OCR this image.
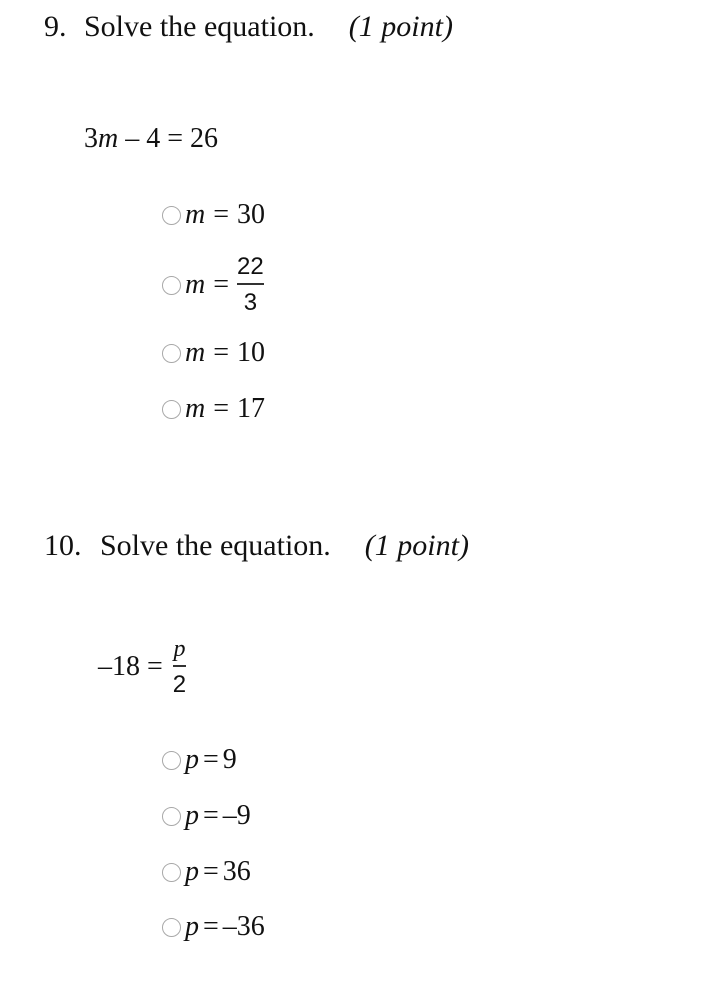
9. Solve the equation. (1 point)
3m – 4 = 26
m = 30
$m = \frac{22}{3}$
m = 10
m = 17
10. Solve the equation. (1 point)
$-18 = \frac{p}{2}$
p = 9
p = –9
p = 36
p = –36
